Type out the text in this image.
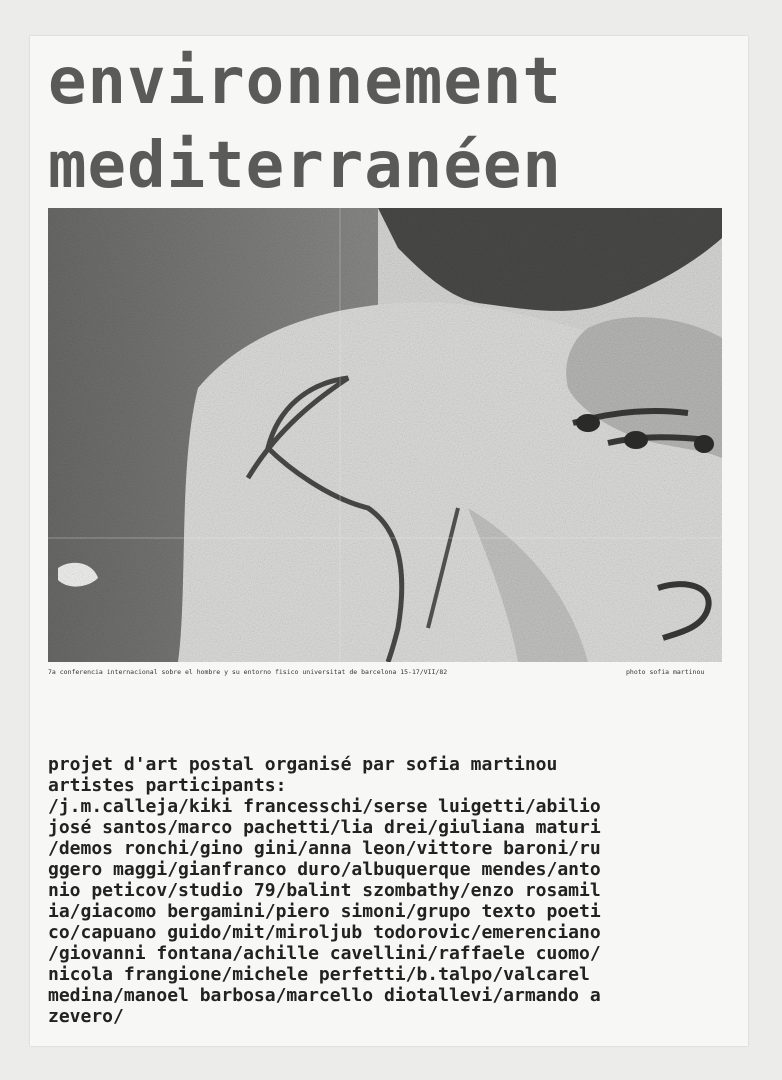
environnement
mediterranéen
7a conferencia internacional sobre el hombre y su entorno fisico universitat de barcelona 15-17/VII/82	photo sofia martinou
projet d'art postal organisé par sofia martinou
artistes participants:
/j.m.calleja/kiki francesschi/serse luigetti/abilio
josé santos/marco pachetti/lia drei/giuliana maturi
/demos ronchi/gino gini/anna leon/vittore baroni/ru
ggero maggi/gianfranco duro/albuquerque mendes/anto
nio peticov/studio 79/balint szombathy/enzo rosamil
ia/giacomo bergamini/piero simoni/grupo texto poeti
co/capuano guido/mit/miroljub todorovic/emerenciano
/giovanni fontana/achille cavellini/raffaele cuomo/
nicola frangione/michele perfetti/b.talpo/valcarel
medina/manoel barbosa/marcello diotallevi/armando a
zevero/
